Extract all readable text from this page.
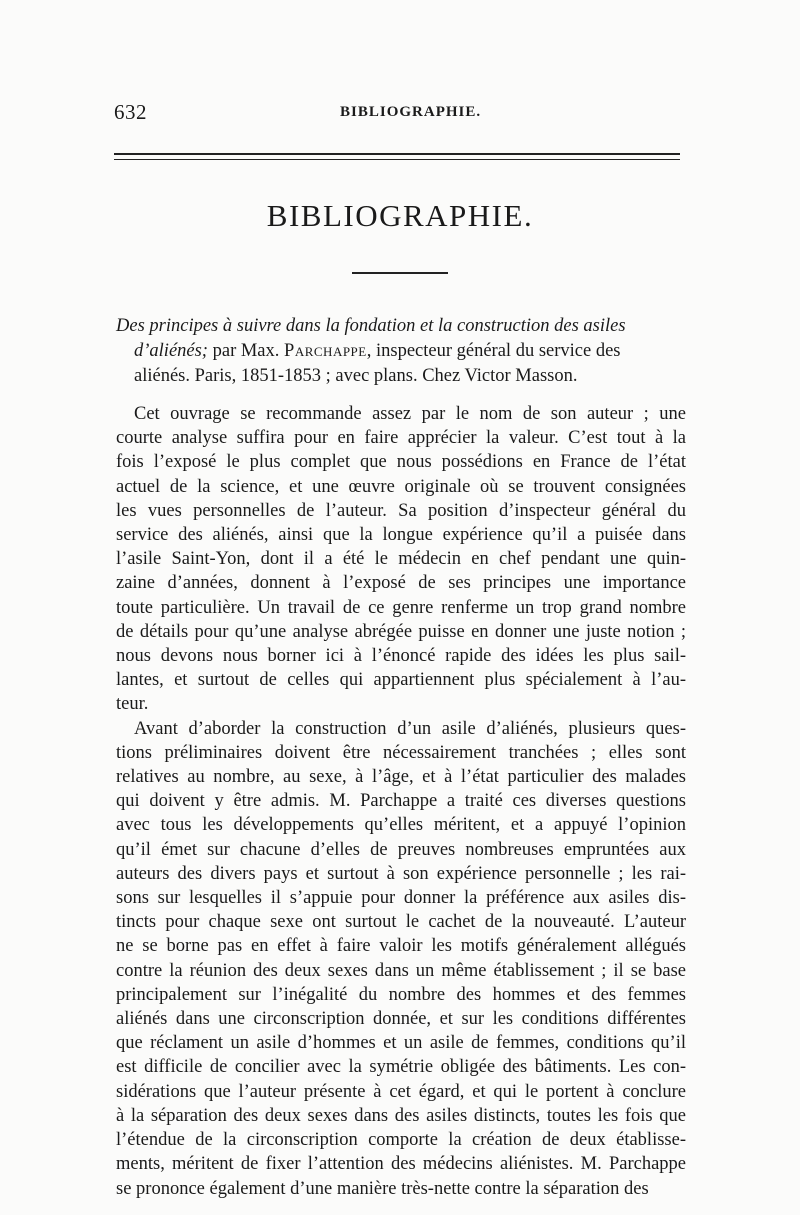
632	BIBLIOGRAPHIE.
BIBLIOGRAPHIE.
Des principes à suivre dans la fondation et la construction des asiles
d’aliénés; par Max. Parchappe, inspecteur général du service des
aliénés. Paris, 1851-1853 ; avec plans. Chez Victor Masson.
Cet ouvrage se recommande assez par le nom de son auteur ; une
courte analyse suffira pour en faire apprécier la valeur. C’est tout à la
fois l’exposé le plus complet que nous possédions en France de l’état
actuel de la science, et une œuvre originale où se trouvent consignées
les vues personnelles de l’auteur. Sa position d’inspecteur général du
service des aliénés, ainsi que la longue expérience qu’il a puisée dans
l’asile Saint-Yon, dont il a été le médecin en chef pendant une quin-
zaine d’années, donnent à l’exposé de ses principes une importance
toute particulière. Un travail de ce genre renferme un trop grand nombre
de détails pour qu’une analyse abrégée puisse en donner une juste notion ;
nous devons nous borner ici à l’énoncé rapide des idées les plus sail-
lantes, et surtout de celles qui appartiennent plus spécialement à l’au-
teur.
Avant d’aborder la construction d’un asile d’aliénés, plusieurs ques-
tions préliminaires doivent être nécessairement tranchées ; elles sont
relatives au nombre, au sexe, à l’âge, et à l’état particulier des malades
qui doivent y être admis. M. Parchappe a traité ces diverses questions
avec tous les développements qu’elles méritent, et a appuyé l’opinion
qu’il émet sur chacune d’elles de preuves nombreuses empruntées aux
auteurs des divers pays et surtout à son expérience personnelle ; les rai-
sons sur lesquelles il s’appuie pour donner la préférence aux asiles dis-
tincts pour chaque sexe ont surtout le cachet de la nouveauté. L’auteur
ne se borne pas en effet à faire valoir les motifs généralement allégués
contre la réunion des deux sexes dans un même établissement ; il se base
principalement sur l’inégalité du nombre des hommes et des femmes
aliénés dans une circonscription donnée, et sur les conditions différentes
que réclament un asile d’hommes et un asile de femmes, conditions qu’il
est difficile de concilier avec la symétrie obligée des bâtiments. Les con-
sidérations que l’auteur présente à cet égard, et qui le portent à conclure
à la séparation des deux sexes dans des asiles distincts, toutes les fois que
l’étendue de la circonscription comporte la création de deux établisse-
ments, méritent de fixer l’attention des médecins aliénistes. M. Parchappe
se prononce également d’une manière très-nette contre la séparation des
